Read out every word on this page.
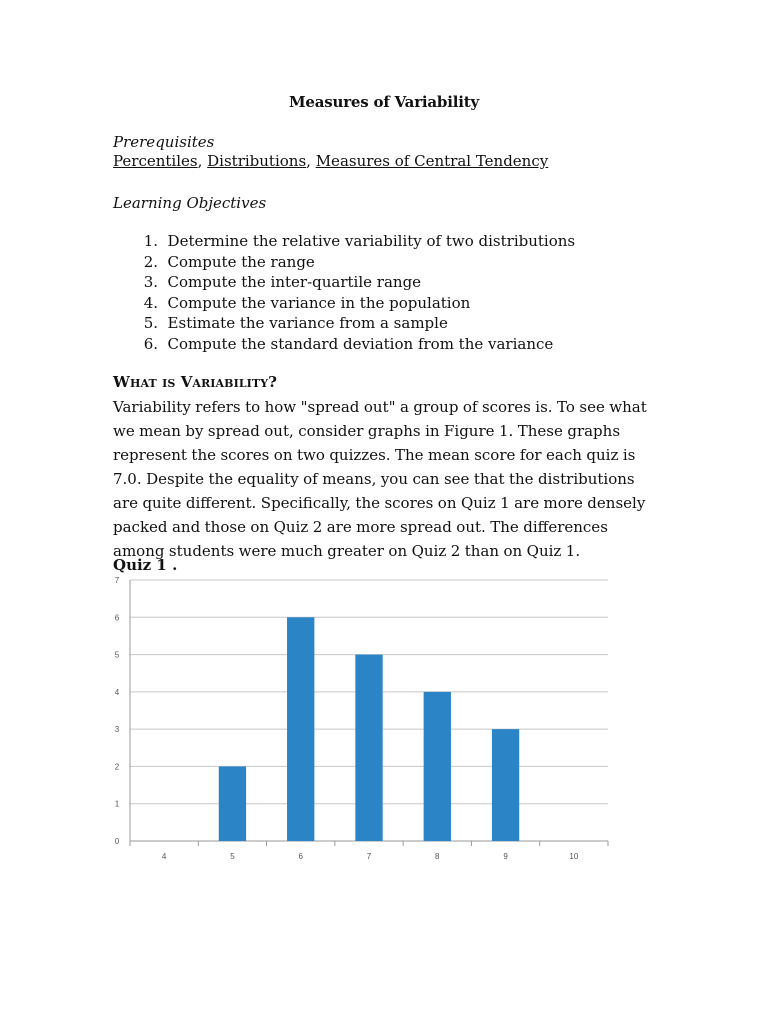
Measures of Variability
Prerequisites
Percentiles, Distributions, Measures of Central Tendency
Learning Objectives
1. Determine the relative variability of two distributions
2. Compute the range
3. Compute the inter-quartile range
4. Compute the variance in the population
5. Estimate the variance from a sample
6. Compute the standard deviation from the variance
What is Variability?
Variability refers to how "spread out" a group of scores is. To see what we mean by spread out, consider graphs in Figure 1. These graphs represent the scores on two quizzes. The mean score for each quiz is 7.0. Despite the equality of means, you can see that the distributions are quite different. Specifically, the scores on Quiz 1 are more densely packed and those on Quiz 2 are more spread out. The differences among students were much greater on Quiz 2 than on Quiz 1.
Quiz 1 .
0
1
2
3
4
5
6
7
4	5	6	7	8	9	10
